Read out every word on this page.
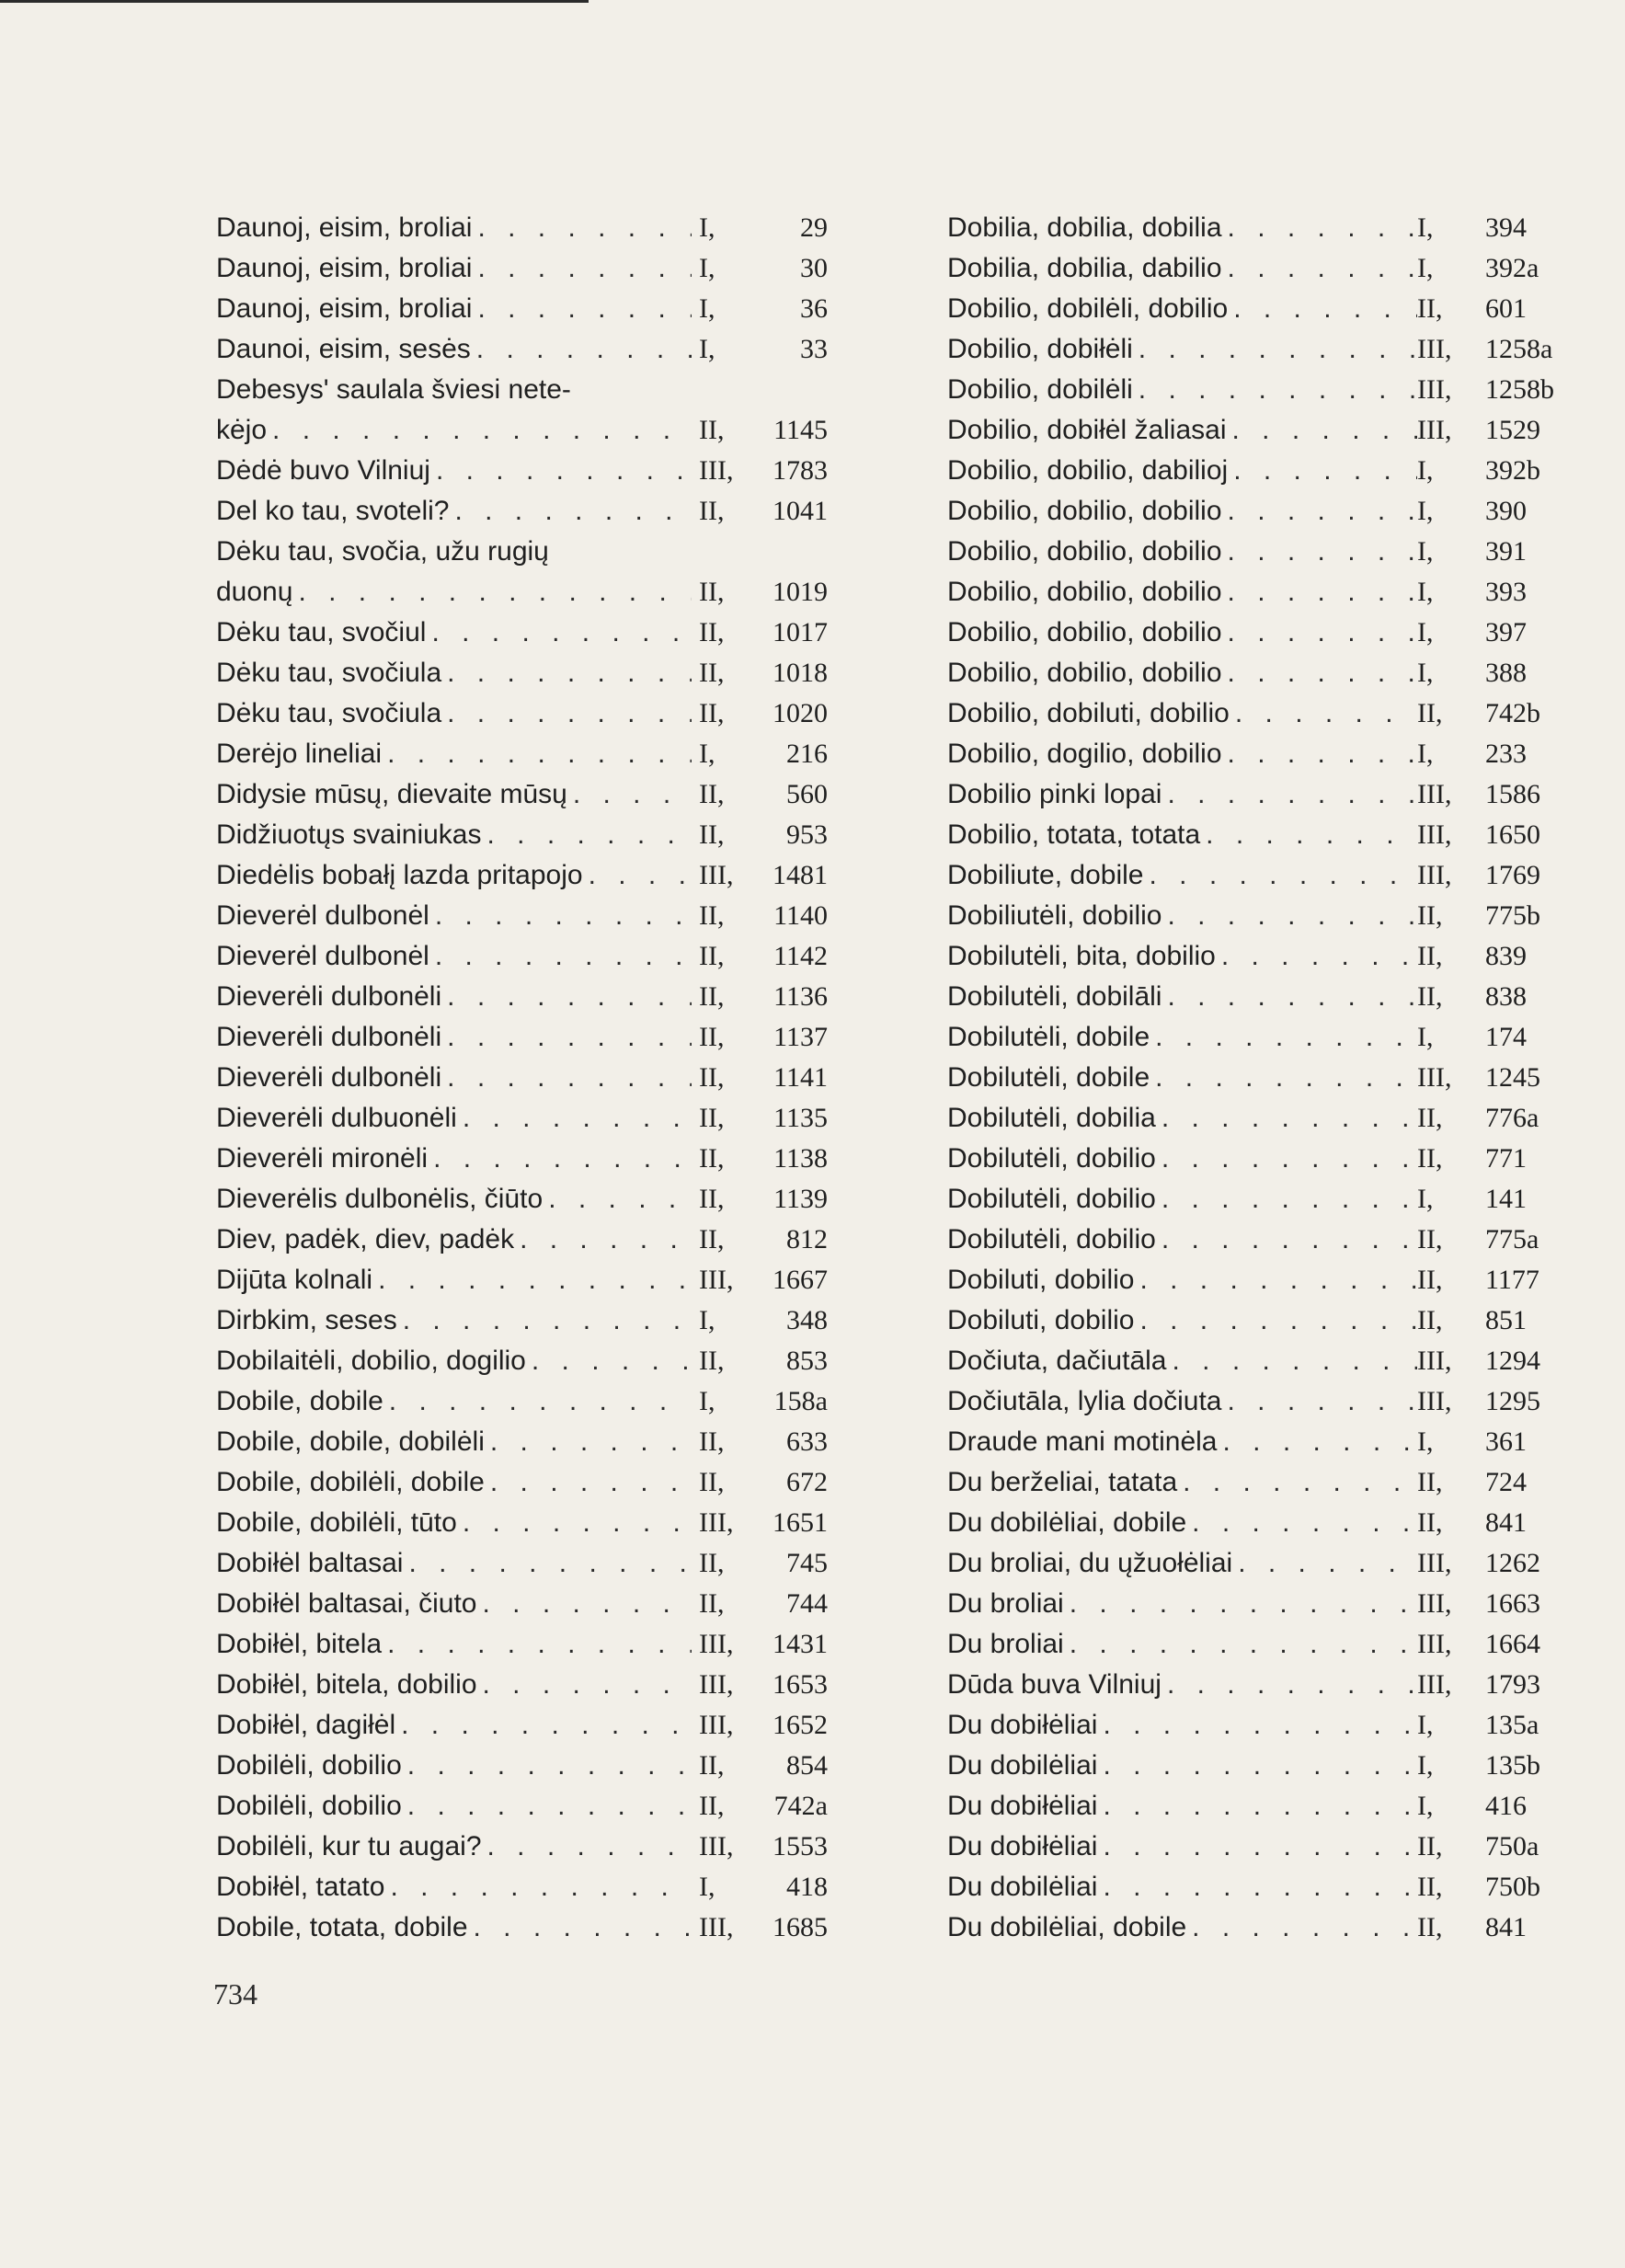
Daunoj, eisim, broliai . . .	I,	29
Daunoj, eisim, broliai . . .	I,	30
Daunoj, eisim, broliai . . .	I,	36
Daunoi, eisim, sesės . . .	I,	33
Debesys' saulala šviesi nete-
kėjo . . .	II,	1145
Dėdė buvo Vilniuj . . .	III,	1783
Del ko tau, svoteli? . . .	II,	1041
Dėku tau, svočia, užu rugių
duonų . . .	II,	1019
Dėku tau, svočiul . . .	II,	1017
Dėku tau, svočiula . . .	II,	1018
Dėku tau, svočiula . . .	II,	1020
Derėjo lineliai . . .	I,	216
Didysie mūsų, dievaite mūsų . . .	II,	560
Didžiuotųs svainiukas . . .	II,	953
Diedėlis bobałį lazda pritapojo . . .	III,	1481
Dieverėl dulbonėl . . .	II,	1140
Dieverėl dulbonėl . . .	II,	1142
Dieverėli dulbonėli . . .	II,	1136
Dieverėli dulbonėli . . .	II,	1137
Dieverėli dulbonėli . . .	II,	1141
Dieverėli dulbuonėli . . .	II,	1135
Dieverėli mironėli . . .	II,	1138
Dieverėlis dulbonėlis, čiūto . . .	II,	1139
Diev, padėk, diev, padėk . . .	II,	812
Dijūta kolnali . . .	III,	1667
Dirbkim, seses . . .	I,	348
Dobilaitėli, dobilio, dogilio . . .	II,	853
Dobile, dobile . . .	I,	158a
Dobile, dobile, dobilėli . . .	II,	633
Dobile, dobilėli, dobile . . .	II,	672
Dobile, dobilėli, tūto . . .	III,	1651
Dobiłėl baltasai . . .	II,	745
Dobiłėl baltasai, čiuto . . .	II,	744
Dobiłėl, bitela . . .	III,	1431
Dobiłėl, bitela, dobilio . . .	III,	1653
Dobiłėl, dagiłėl . . .	III,	1652
Dobilėli, dobilio . . .	II,	854
Dobilėli, dobilio . . .	II,	742a
Dobilėli, kur tu augai? . . .	III,	1553
Dobiłėl, tatato . . .	I,	418
Dobile, totata, dobile . . .	III,	1685
Dobilia, dobilia, dobilia . . .	I,	394
Dobilia, dobilia, dabilio . . .	I,	392a
Dobilio, dobilėli, dobilio . . .	II,	601
Dobilio, dobiłėli . . .	III,	1258a
Dobilio, dobilėli . . .	III,	1258b
Dobilio, dobiłėl žaliasai . . .	III,	1529
Dobilio, dobilio, dabilioj . . .	I,	392b
Dobilio, dobilio, dobilio . . .	I,	390
Dobilio, dobilio, dobilio . . .	I,	391
Dobilio, dobilio, dobilio . . .	I,	393
Dobilio, dobilio, dobilio . . .	I,	397
Dobilio, dobilio, dobilio . . .	I,	388
Dobilio, dobiluti, dobilio . . .	II,	742b
Dobilio, dogilio, dobilio . . .	I,	233
Dobilio pinki lopai . . .	III,	1586
Dobilio, totata, totata . . .	III,	1650
Dobiliute, dobile . . .	III,	1769
Dobiliutėli, dobilio . . .	II,	775b
Dobilutėli, bita, dobilio . . .	II,	839
Dobilutėli, dobilāli . . .	II,	838
Dobilutėli, dobile . . .	I,	174
Dobilutėli, dobile . . .	III,	1245
Dobilutėli, dobilia . . .	II,	776a
Dobilutėli, dobilio . . .	II,	771
Dobilutėli, dobilio . . .	I,	141
Dobilutėli, dobilio . . .	II,	775a
Dobiluti, dobilio . . .	II,	1177
Dobiluti, dobilio . . .	II,	851
Dočiuta, dačiutāla . . .	III,	1294
Dočiutāla, lylia dočiuta . . .	III,	1295
Draude mani motinėla . . .	I,	361
Du berželiai, tatata . . .	II,	724
Du dobilėliai, dobile . . .	II,	841
Du broliai, du ųžuołėliai . . .	III,	1262
Du broliai . . .	III,	1663
Du broliai . . .	III,	1664
Dūda buva Vilniuj . . .	III,	1793
Du dobiłėliai . . .	I,	135a
Du dobilėliai . . .	I,	135b
Du dobiłėliai . . .	I,	416
Du dobiłėliai . . .	II,	750a
Du dobilėliai . . .	II,	750b
Du dobilėliai, dobile . . .	II,	841
734
